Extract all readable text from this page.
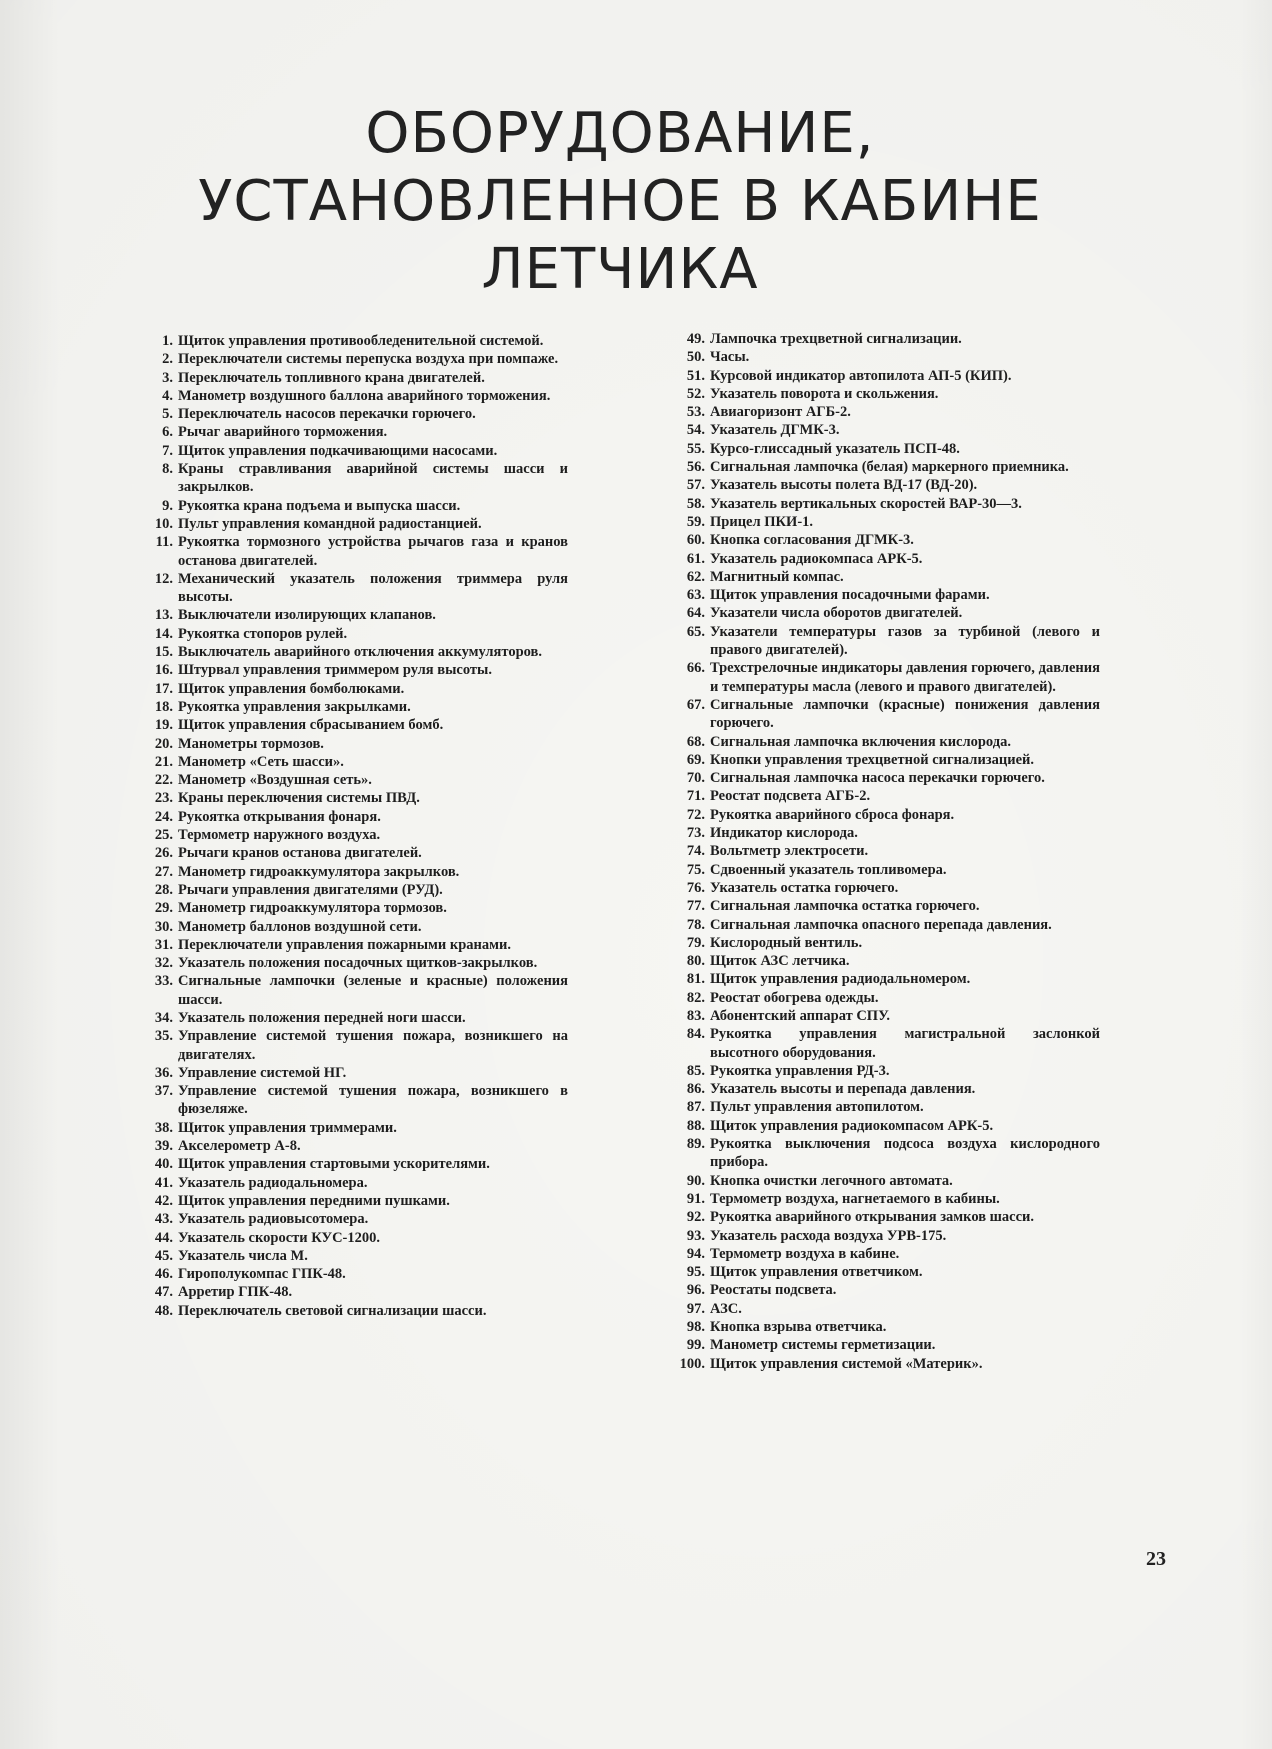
ОБОРУДОВАНИЕ,
УСТАНОВЛЕННОЕ В КАБИНЕ
ЛЕТЧИКА
1. Щиток управления противообледенительной системой.
2. Переключатели системы перепуска воздуха при помпаже.
3. Переключатель топливного крана двигателей.
4. Манометр воздушного баллона аварийного торможения.
5. Переключатель насосов перекачки горючего.
6. Рычаг аварийного торможения.
7. Щиток управления подкачивающими насосами.
8. Краны стравливания аварийной системы шасси и закрылков.
9. Рукоятка крана подъема и выпуска шасси.
10. Пульт управления командной радиостанцией.
11. Рукоятка тормозного устройства рычагов газа и кранов останова двигателей.
12. Механический указатель положения триммера руля высоты.
13. Выключатели изолирующих клапанов.
14. Рукоятка стопоров рулей.
15. Выключатель аварийного отключения аккумуляторов.
16. Штурвал управления триммером руля высоты.
17. Щиток управления бомболюками.
18. Рукоятка управления закрылками.
19. Щиток управления сбрасыванием бомб.
20. Манометры тормозов.
21. Манометр «Сеть шасси».
22. Манометр «Воздушная сеть».
23. Краны переключения системы ПВД.
24. Рукоятка открывания фонаря.
25. Термометр наружного воздуха.
26. Рычаги кранов останова двигателей.
27. Манометр гидроаккумулятора закрылков.
28. Рычаги управления двигателями (РУД).
29. Манометр гидроаккумулятора тормозов.
30. Манометр баллонов воздушной сети.
31. Переключатели управления пожарными кранами.
32. Указатель положения посадочных щитков-закрылков.
33. Сигнальные лампочки (зеленые и красные) положения шасси.
34. Указатель положения передней ноги шасси.
35. Управление системой тушения пожара, возникшего на двигателях.
36. Управление системой НГ.
37. Управление системой тушения пожара, возникшего в фюзеляже.
38. Щиток управления триммерами.
39. Акселерометр А-8.
40. Щиток управления стартовыми ускорителями.
41. Указатель радиодальномера.
42. Щиток управления передними пушками.
43. Указатель радиовысотомера.
44. Указатель скорости КУС-1200.
45. Указатель числа М.
46. Гирополукомпас ГПК-48.
47. Арретир ГПК-48.
48. Переключатель световой сигнализации шасси.
49. Лампочка трехцветной сигнализации.
50. Часы.
51. Курсовой индикатор автопилота АП-5 (КИП).
52. Указатель поворота и скольжения.
53. Авиагоризонт АГБ-2.
54. Указатель ДГМК-3.
55. Курсо-глиссадный указатель ПСП-48.
56. Сигнальная лампочка (белая) маркерного приемника.
57. Указатель высоты полета ВД-17 (ВД-20).
58. Указатель вертикальных скоростей ВАР-30—3.
59. Прицел ПКИ-1.
60. Кнопка согласования ДГМК-3.
61. Указатель радиокомпаса АРК-5.
62. Магнитный компас.
63. Щиток управления посадочными фарами.
64. Указатели числа оборотов двигателей.
65. Указатели температуры газов за турбиной (левого и правого двигателей).
66. Трехстрелочные индикаторы давления горючего, давления и температуры масла (левого и правого двигателей).
67. Сигнальные лампочки (красные) понижения давления горючего.
68. Сигнальная лампочка включения кислорода.
69. Кнопки управления трехцветной сигнализацией.
70. Сигнальная лампочка насоса перекачки горючего.
71. Реостат подсвета АГБ-2.
72. Рукоятка аварийного сброса фонаря.
73. Индикатор кислорода.
74. Вольтметр электросети.
75. Сдвоенный указатель топливомера.
76. Указатель остатка горючего.
77. Сигнальная лампочка остатка горючего.
78. Сигнальная лампочка опасного перепада давления.
79. Кислородный вентиль.
80. Щиток АЗС летчика.
81. Щиток управления радиодальномером.
82. Реостат обогрева одежды.
83. Абонентский аппарат СПУ.
84. Рукоятка управления магистральной заслонкой высотного оборудования.
85. Рукоятка управления РД-3.
86. Указатель высоты и перепада давления.
87. Пульт управления автопилотом.
88. Щиток управления радиокомпасом АРК-5.
89. Рукоятка выключения подсоса воздуха кислородного прибора.
90. Кнопка очистки легочного автомата.
91. Термометр воздуха, нагнетаемого в кабины.
92. Рукоятка аварийного открывания замков шасси.
93. Указатель расхода воздуха УРВ-175.
94. Термометр воздуха в кабине.
95. Щиток управления ответчиком.
96. Реостаты подсвета.
97. АЗС.
98. Кнопка взрыва ответчика.
99. Манометр системы герметизации.
100. Щиток управления системой «Материк».
23
